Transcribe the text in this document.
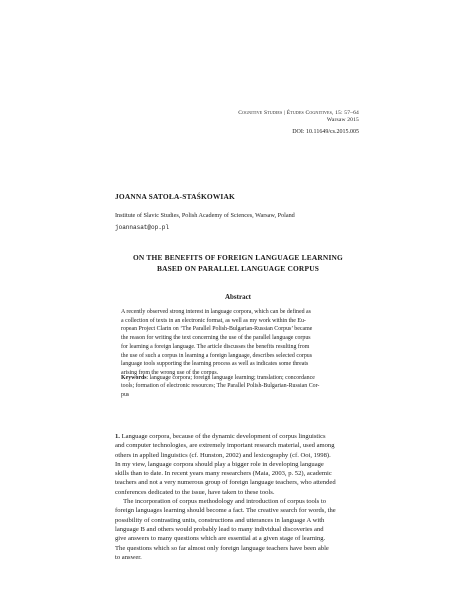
Cognitive Studies | Études Cognitives, 15: 57–64
Warsaw 2015
DOI: 10.11649/cs.2015.005
JOANNA SATOŁA-STAŚKOWIAK
Institute of Slavic Studies, Polish Academy of Sciences, Warsaw, Poland
joannasat@op.pl
ON THE BENEFITS OF FOREIGN LANGUAGE LEARNING
BASED ON PARALLEL LANGUAGE CORPUS
Abstract
A recently observed strong interest in language corpora, which can be defined as
a collection of texts in an electronic format, as well as my work within the Eu-
ropean Project Clarin on ‘The Parallel Polish-Bulgarian-Russian Corpus’ became
the reason for writing the text concerning the use of the parallel language corpus
for learning a foreign language. The article discusses the benefits resulting from
the use of such a corpus in learning a foreign language, describes selected corpus
language tools supporting the learning process as well as indicates some threats
arising from the wrong use of the corpus.
Keywords: language corpora; foreign language learning; translation; concordance
tools; formation of electronic resources; The Parallel Polish-Bulgarian-Russian Cor-
pus
1. Language corpora, because of the dynamic development of corpus linguistics
and computer technologies, are extremely important research material, used among
others in applied linguistics (cf. Hunston, 2002) and lexicography (cf. Ooi, 1998).
In my view, language corpora should play a bigger role in developing language
skills than to date. In recent years many researchers (Maia, 2003, p. 52), academic
teachers and not a very numerous group of foreign language teachers, who attended
conferences dedicated to the issue, have taken to these tools.
The incorporation of corpus methodology and introduction of corpus tools to
foreign languages learning should become a fact. The creative search for words, the
possibility of contrasting units, constructions and utterances in language A with
language B and others would probably lead to many individual discoveries and
give answers to many questions which are essential at a given stage of learning.
The questions which so far almost only foreign language teachers have been able
to answer.
